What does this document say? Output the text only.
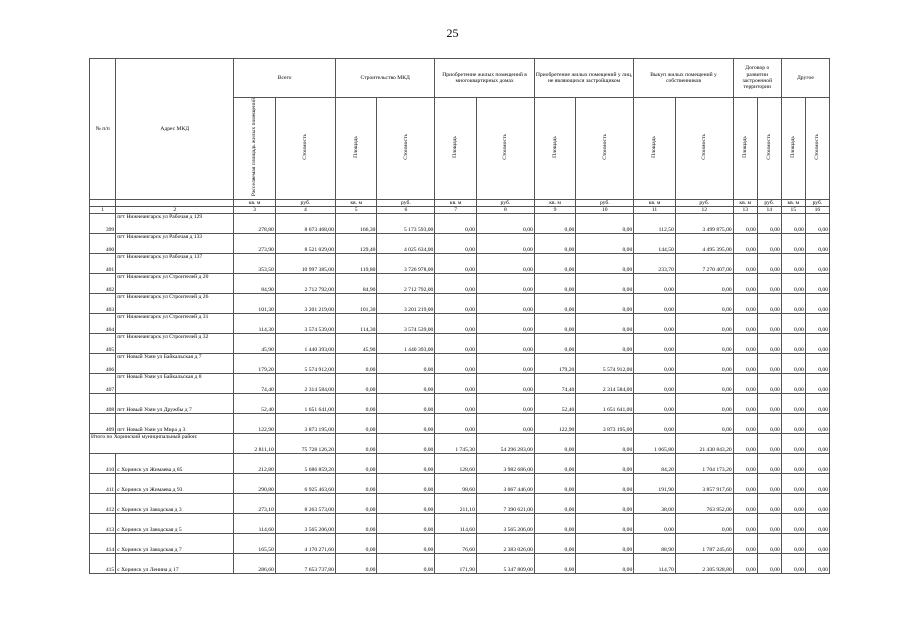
25
№ п/п	Адрес МКД	Всего		Строительство МКД		Приобретение жилых помещений в многоквартирных домах		Приобретение жилых помещений у лиц, не являющихся застройщиком		Выкуп жилых помещений у собственников		Договор о развитии застроенной территории		Другое	
		Расселяемая площадь жилых помещений	Стоимость	Площадь	Стоимость	Площадь	Стоимость	Площадь	Стоимость	Площадь	Стоимость	Площадь	Стоимость	Площадь	Стоимость
		кв. м	руб.	кв. м	руб.	кв. м	руб.	кв. м	руб.	кв. м	руб.	кв. м	руб.	кв. м	руб.
1	2	3	4	5	6	7	8	9	10	11	12	13	14	15	16
399	пгт Нижнеангарск ул Рабочая д 129	278,80	8 673 468,00	166,30	5 173 593,00	0,00	0,00	0,00	0,00	112,50	3 499 875,00	0,00	0,00	0,00	0,00
400	пгт Нижнеангарск ул Рабочая д 133	273,90	8 521 029,00	129,40	4 025 634,00	0,00	0,00	0,00	0,00	144,50	4 495 395,00	0,00	0,00	0,00	0,00
401	пгт Нижнеангарск ул Рабочая д 137	353,50	10 997 385,00	119,80	3 726 978,00	0,00	0,00	0,00	0,00	233,70	7 270 407,00	0,00	0,00	0,00	0,00
402	пгт Нижнеангарск ул Строителей д 20	84,90	2 712 792,00	84,90	2 712 792,00	0,00	0,00	0,00	0,00	0,00	0,00	0,00	0,00	0,00	0,00
403	пгт Нижнеангарск ул Строителей д 26	101,30	3 201 219,00	101,30	3 201 219,00	0,00	0,00	0,00	0,00	0,00	0,00	0,00	0,00	0,00	0,00
404	пгт Нижнеангарск ул Строителей д 31	114,30	3 574 539,00	114,30	3 574 539,00	0,00	0,00	0,00	0,00	0,00	0,00	0,00	0,00	0,00	0,00
405	пгт Нижнеангарск ул Строителей д 32	45,90	1 440 393,00	45,90	1 440 393,00	0,00	0,00	0,00	0,00	0,00	0,00	0,00	0,00	0,00	0,00
406	пгт Новый Уоян ул Байкальская д 7	179,20	5 574 912,00	0,00	0,00	0,00	0,00	179,20	5 574 912,00	0,00	0,00	0,00	0,00	0,00	0,00
407	пгт Новый Уоян ул Байкальская д 8	74,40	2 314 584,00	0,00	0,00	0,00	0,00	74,40	2 314 584,00	0,00	0,00	0,00	0,00	0,00	0,00
408	пгт Новый Уоян ул Дружбы д 7	52,40	1 651 641,00	0,00	0,00	0,00	0,00	52,40	1 651 641,00	0,00	0,00	0,00	0,00	0,00	0,00
409	пгт Новый Уоян ул Мира д 3	122,90	3 873 195,00	0,00	0,00	0,00	0,00	122,90	3 873 195,00	0,00	0,00	0,00	0,00	0,00	0,00
Итого по Хоринский муниципальный район:		2 811,10	75 728 126,20	0,00	0,00	1 745,30	54 296 283,00	0,00	0,00	1 065,80	21 430 843,20	0,00	0,00	0,00	0,00
410	с Хоринск ул Жимаева д 85	212,80	5 686 859,20	0,00	0,00	128,60	3 982 686,00	0,00	0,00	84,20	1 704 173,20	0,00	0,00	0,00	0,00
411	с Хоринск ул Жимаева д 93	290,80	6 925 463,60	0,00	0,00	98,60	3 067 446,00	0,00	0,00	191,90	3 857 917,60	0,00	0,00	0,00	0,00
412	с Хоринск ул Заводская д 3	273,10	8 263 573,00	0,00	0,00	211,10	7 390 621,00	0,00	0,00	38,00	763 952,00	0,00	0,00	0,00	0,00
413	с Хоринск ул Заводская д 5	114,60	3 565 206,00	0,00	0,00	114,60	3 565 206,00	0,00	0,00	0,00	0,00	0,00	0,00	0,00	0,00
414	с Хоринск ул Заводская д 7	165,50	4 170 271,60	0,00	0,00	76,60	2 383 026,00	0,00	0,00	88,90	1 787 245,60	0,00	0,00	0,00	0,00
415	с Хоринск ул Ленина д 17	286,60	7 653 737,80	0,00	0,00	171,90	5 347 809,00	0,00	0,00	114,70	2 305 928,80	0,00	0,00	0,00	0,00
